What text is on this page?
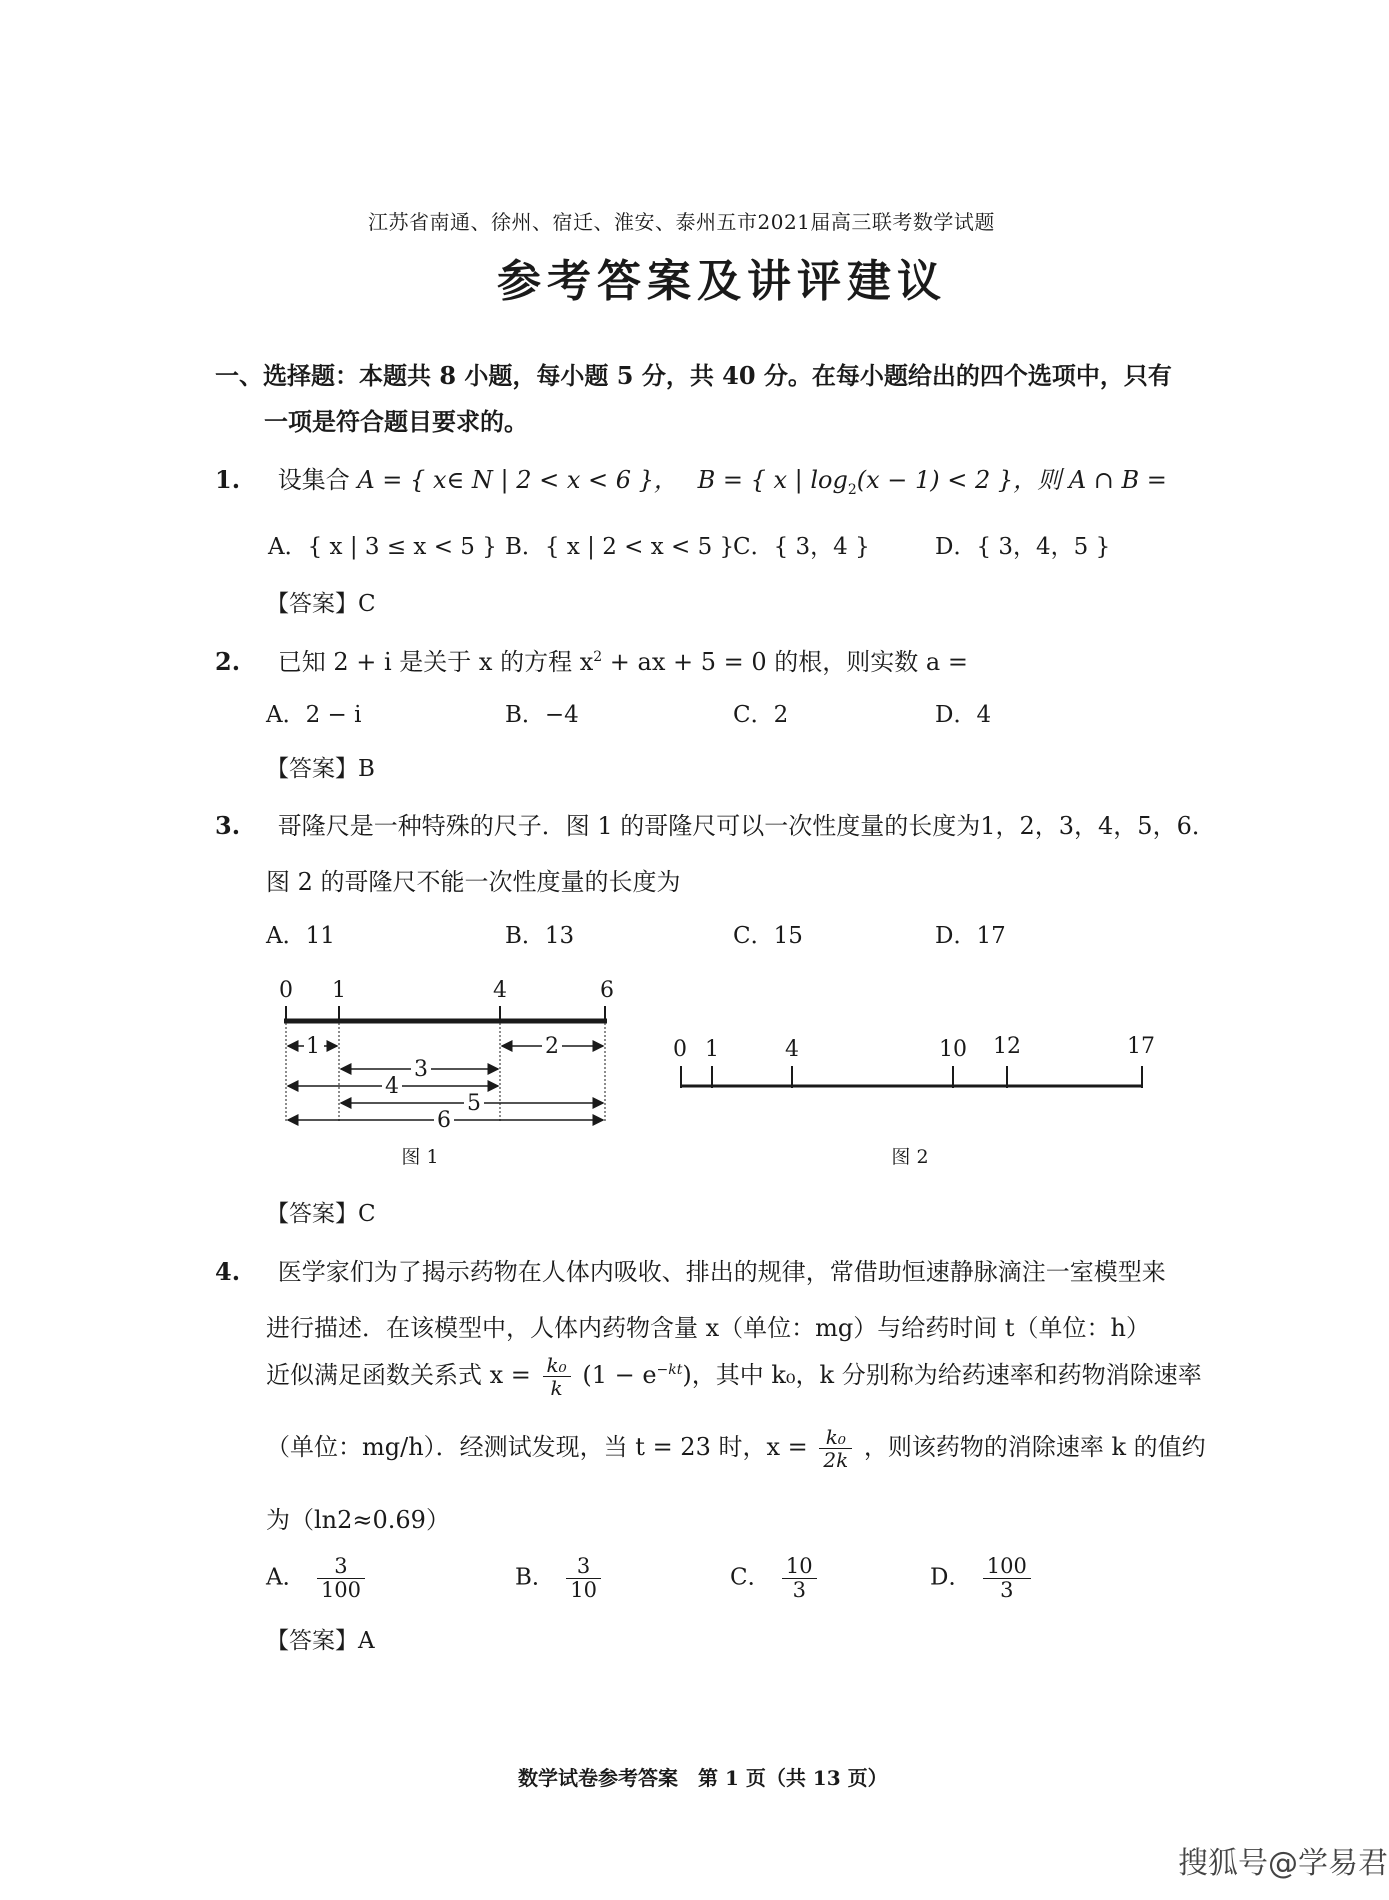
江苏省南通、徐州、宿迁、淮安、泰州五市2021届高三联考数学试题
参考答案及讲评建议
一、选择题：本题共 8 小题，每小题 5 分，共 40 分。在每小题给出的四个选项中，只有
一项是符合题目要求的。
1. 设集合 A = { x∈ N | 2 < x < 6 }， B = { x | $\log_2(x - 1) < 2$ }，则 A ∩ B =
A．{ x | 3 ≤ x < 5 } B．{ x | 2 < x < 5 }
C．{ 3，4 }	D．{ 3，4，5 }
【答案】C
2. 已知 2 + i 是关于 x 的方程 $x^2$ + ax + 5 = 0 的根，则实数 a =
A．2 − i	B．−4	C．2	D．4
【答案】B
3. 哥隆尺是一种特殊的尺子．图 1 的哥隆尺可以一次性度量的长度为1，2，3，4，5，6．
图 2 的哥隆尺不能一次性度量的长度为
A．11	B．13	C．15	D．17
0 1	4	6
1
3
2
4
5
6
图 1
0 1	4	10 12	17
图 2
【答案】C
4. 医学家们为了揭示药物在人体内吸收、排出的规律，常借助恒速静脉滴注一室模型来
进行描述．在该模型中，人体内药物含量 x（单位：mg）与给药时间 t（单位：h）
近似满足函数关系式 $x = \frac{\text{k₀}}{k} (1 - e^{-kt})$，其中 k₀，k 分别称为给药速率和药物消除速率
（单位：mg/h）．经测试发现，当 t = 23 时，$x = \frac{\text{k₀}}{2k}$ ，则该药物的消除速率 k 的值约
为（ln2≈0.69）
A． $\frac{3}{100}$	B． $\frac{3}{10}$	C． $\frac{10}{3}$	D． $\frac{100}{3}$
【答案】A
数学试卷参考答案　第 1 页（共 13 页）
搜狐号@学易君
